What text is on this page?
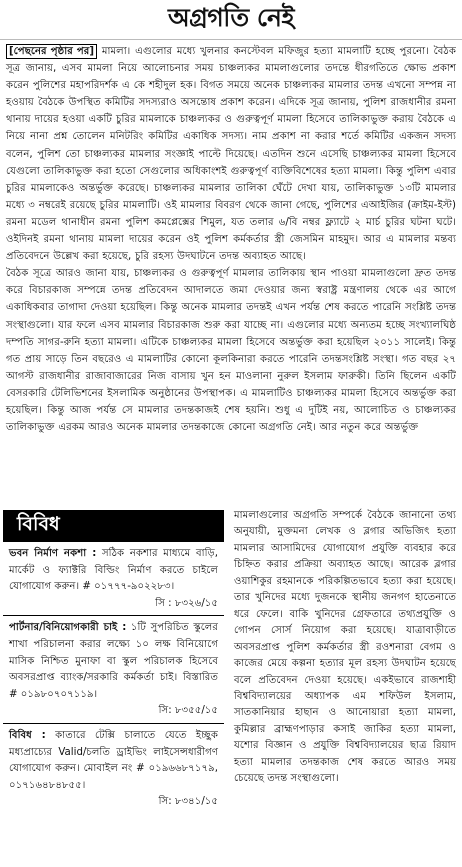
অগ্রগতি নেই

[পেছনের পৃষ্ঠার পর] মামলা। এগুলোর মধ্যে খুলনার কনস্টেবল মফিজুর হত্যা মামলাটি হচ্ছে পুরনো। বৈঠক সূত্র জানায়, এসব মামলা নিয়ে আলোচনার সময় চাঞ্চল্যকর মামলাগুলোর তদন্তে ধীরগতিতে ক্ষোভ প্রকাশ করেন পুলিশের মহাপরিদর্শক এ কে শহীদুল হক। বিগত সময়ে অনেক চাঞ্চল্যকর মামলার তদন্ত এখনো সম্পন্ন না হওয়ায় বৈঠকে উপস্থিত কমিটির সদস্যরাও অসন্তোষ প্রকাশ করেন। এদিকে সূত্র জানায়, পুলিশ রাজধানীর রমনা থানায় দায়ের হওয়া একটি চুরির মামলাকে চাঞ্চল্যকর ও গুরুত্বপূর্ণ মামলা হিসেবে তালিকাভুক্ত করায় বৈঠকে এ নিয়ে নানা প্রশ্ন তোলেন মনিটরিং কমিটির একাধিক সদস্য। নাম প্রকাশ না করার শর্তে কমিটির একজন সদস্য বলেন, পুলিশ তো চাঞ্চল্যকর মামলার সংজ্ঞাই পাল্টে দিয়েছে। এতদিন শুনে এসেছি চাঞ্চল্যকর মামলা হিসেবে যেগুলো তালিকাভুক্ত করা হতো সেগুলোর অধিকাংশই গুরুত্বপূর্ণ ব্যক্তিবিশেষের হত্যা মামলা। কিন্তু পুলিশ এবার চুরির মামলাকেও অন্তর্ভুক্ত করেছে। চাঞ্চল্যকর মামলার তালিকা ঘেঁটে দেখা যায়, তালিকাভুক্ত ১৩টি মামলার মধ্যে ৩ নম্বরেই রয়েছে চুরির মামলাটি। ওই মামলার বিবরণ থেকে জানা গেছে, পুলিশের এআইজির (ক্রাইম-ইস্ট) রমনা মডেল থানাধীন রমনা পুলিশ কমপ্লেক্সের শিমুল, যত তলার ৬/বি নম্বর ফ্ল্যাটে ২ মার্চ চুরির ঘটনা ঘটে। ওইদিনই রমনা থানায় মামলা দায়ের করেন ওই পুলিশ কর্মকর্তার স্ত্রী জেসমিন মাহমুদ। আর এ মামলার মন্তব্য প্রতিবেদনে উল্লেখ করা হয়েছে, চুরি রহস্য উদঘাটনে তদন্ত অব্যাহত আছে।

বৈঠক সূত্রে আরও জানা যায়, চাঞ্চল্যকর ও গুরুত্বপূর্ণ মামলার তালিকায় স্থান পাওয়া মামলাগুলো দ্রুত তদন্ত করে বিচারকাজ সম্পন্নে তদন্ত প্রতিবেদন আদালতে জমা দেওয়ার জন্য স্বরাষ্ট্র মন্ত্রণালয় থেকে এর আগে একাধিকবার তাগাদা দেওয়া হয়েছিল। কিন্তু অনেক মামলার তদন্তই এখন পর্যন্ত শেষ করতে পারেনি সংশ্লিষ্ট তদন্ত সংস্থাগুলো। যার ফলে এসব মামলার বিচারকাজ শুরু করা যাচ্ছে না। এগুলোর মধ্যে অন্যতম হচ্ছে সংখ্যালঘিষ্ঠ দম্পতি সাগর-রুনি হত্যা মামলা। এটিকে চাঞ্চল্যকর মামলা হিসেবে অন্তর্ভুক্ত করা হয়েছিল ২০১১ সালেই। কিন্তু গত প্রায় সাড়ে তিন বছরেও এ মামলাটির কোনো কূলকিনারা করতে পারেনি তদন্তসংশ্লিষ্ট সংস্থা। গত বছর ২৭ আগস্ট রাজধানীর রাজাবাজারের নিজ বাসায় খুন হন মাওলানা নুরুল ইসলাম ফারুকী। তিনি ছিলেন একটি বেসরকারি টেলিভিশনের ইসলামিক অনুষ্ঠানের উপস্থাপক। এ মামলাটিও চাঞ্চল্যকর মামলা হিসেবে অন্তর্ভুক্ত করা হয়েছিল। কিন্তু আজ পর্যন্ত সে মামলার তদন্তকাজই শেষ হয়নি। শুধু এ দুটিই নয়, আলোচিত ও চাঞ্চল্যকর তালিকাভুক্ত এরকম আরও অনেক মামলার তদন্তকাজে কোনো অগ্রগতি নেই। আর নতুন করে অন্তর্ভুক্ত

বিবিধ
ভবন নির্মাণ নকশা : সঠিক নকশার মাধ্যমে বাড়ি, মার্কেট ও ফ্যাক্টরি বিল্ডিং নির্মাণ করতে চাইলে যোগাযোগ করুন। # ০১৭৭৭-৯০২২৮৩।
সি : ৮৩২৬/১৫
পার্টনার/বিনিয়োগকারী চাই : ১টি সুপরিচিত স্কুলের শাখা পরিচালনা করার লক্ষ্যে ১০ লক্ষ বিনিয়োগে মাসিক নিশ্চিত মুনাফা বা স্কুল পরিচালক হিসেবে অবসরপ্রাপ্ত ব্যাংক/সরকারি কর্মকর্তা চাই। বিস্তারিত # ০১৯৮০৭০৭১১৯।
সি: ৮৩৫৫/১৫
বিবিধ : কাতারে টেক্সি চালাতে যেতে ইচ্ছুক মধ্যপ্রাচ্যের Valid/চলতি ড্রাইভিং লাইসেন্সধারীগণ যোগাযোগ করুন। মোবাইল নং # ০১৯৬৬৮৭১৭৯, ০১৭১৬৪৮৪৮৫৫।
সি: ৮৩৪১/১৫
মামলাগুলোর অগ্রগতি সম্পর্কে বৈঠকে জানানো তথ্য অনুযায়ী, মুক্তমনা লেখক ও ব্লগার অভিজিৎ হত্যা মামলার আসামিদের যোগাযোগ প্রযুক্তি ব্যবহার করে চিহ্নিত করার প্রক্রিয়া অব্যাহত আছে। আরেক ব্লগার ওয়াশিকুর রহমানকে পরিকল্পিতভাবে হত্যা করা হয়েছে। তার খুনিদের মধ্যে দুজনকে স্থানীয় জনগণ হাতেনাতে ধরে ফেলে। বাকি খুনিদের গ্রেফতারে তথ্যপ্রযুক্তি ও গোপন সোর্স নিয়োগ করা হয়েছে। যাত্রাবাড়ীতে অবসরপ্রাপ্ত পুলিশ কর্মকর্তার স্ত্রী রওশনারা বেগম ও কাজের মেয়ে কল্পনা হত্যার মূল রহস্য উদঘাটন হয়েছে বলে প্রতিবেদন দেওয়া হয়েছে। একইভাবে রাজশাহী বিশ্ববিদ্যালয়ের অধ্যাপক এম শফিউল ইসলাম, সাতকানিয়ার হাছান ও আনোয়ারা হত্যা মামলা, কুমিল্লার ব্রাহ্মণপাড়ার কসাই জাকির হত্যা মামলা, যশোর বিজ্ঞান ও প্রযুক্তি বিশ্ববিদ্যালয়ের ছাত্র রিয়াদ হত্যা মামলার তদন্তকাজ শেষ করতে আরও সময় চেয়েছে তদন্ত সংস্থাগুলো।
